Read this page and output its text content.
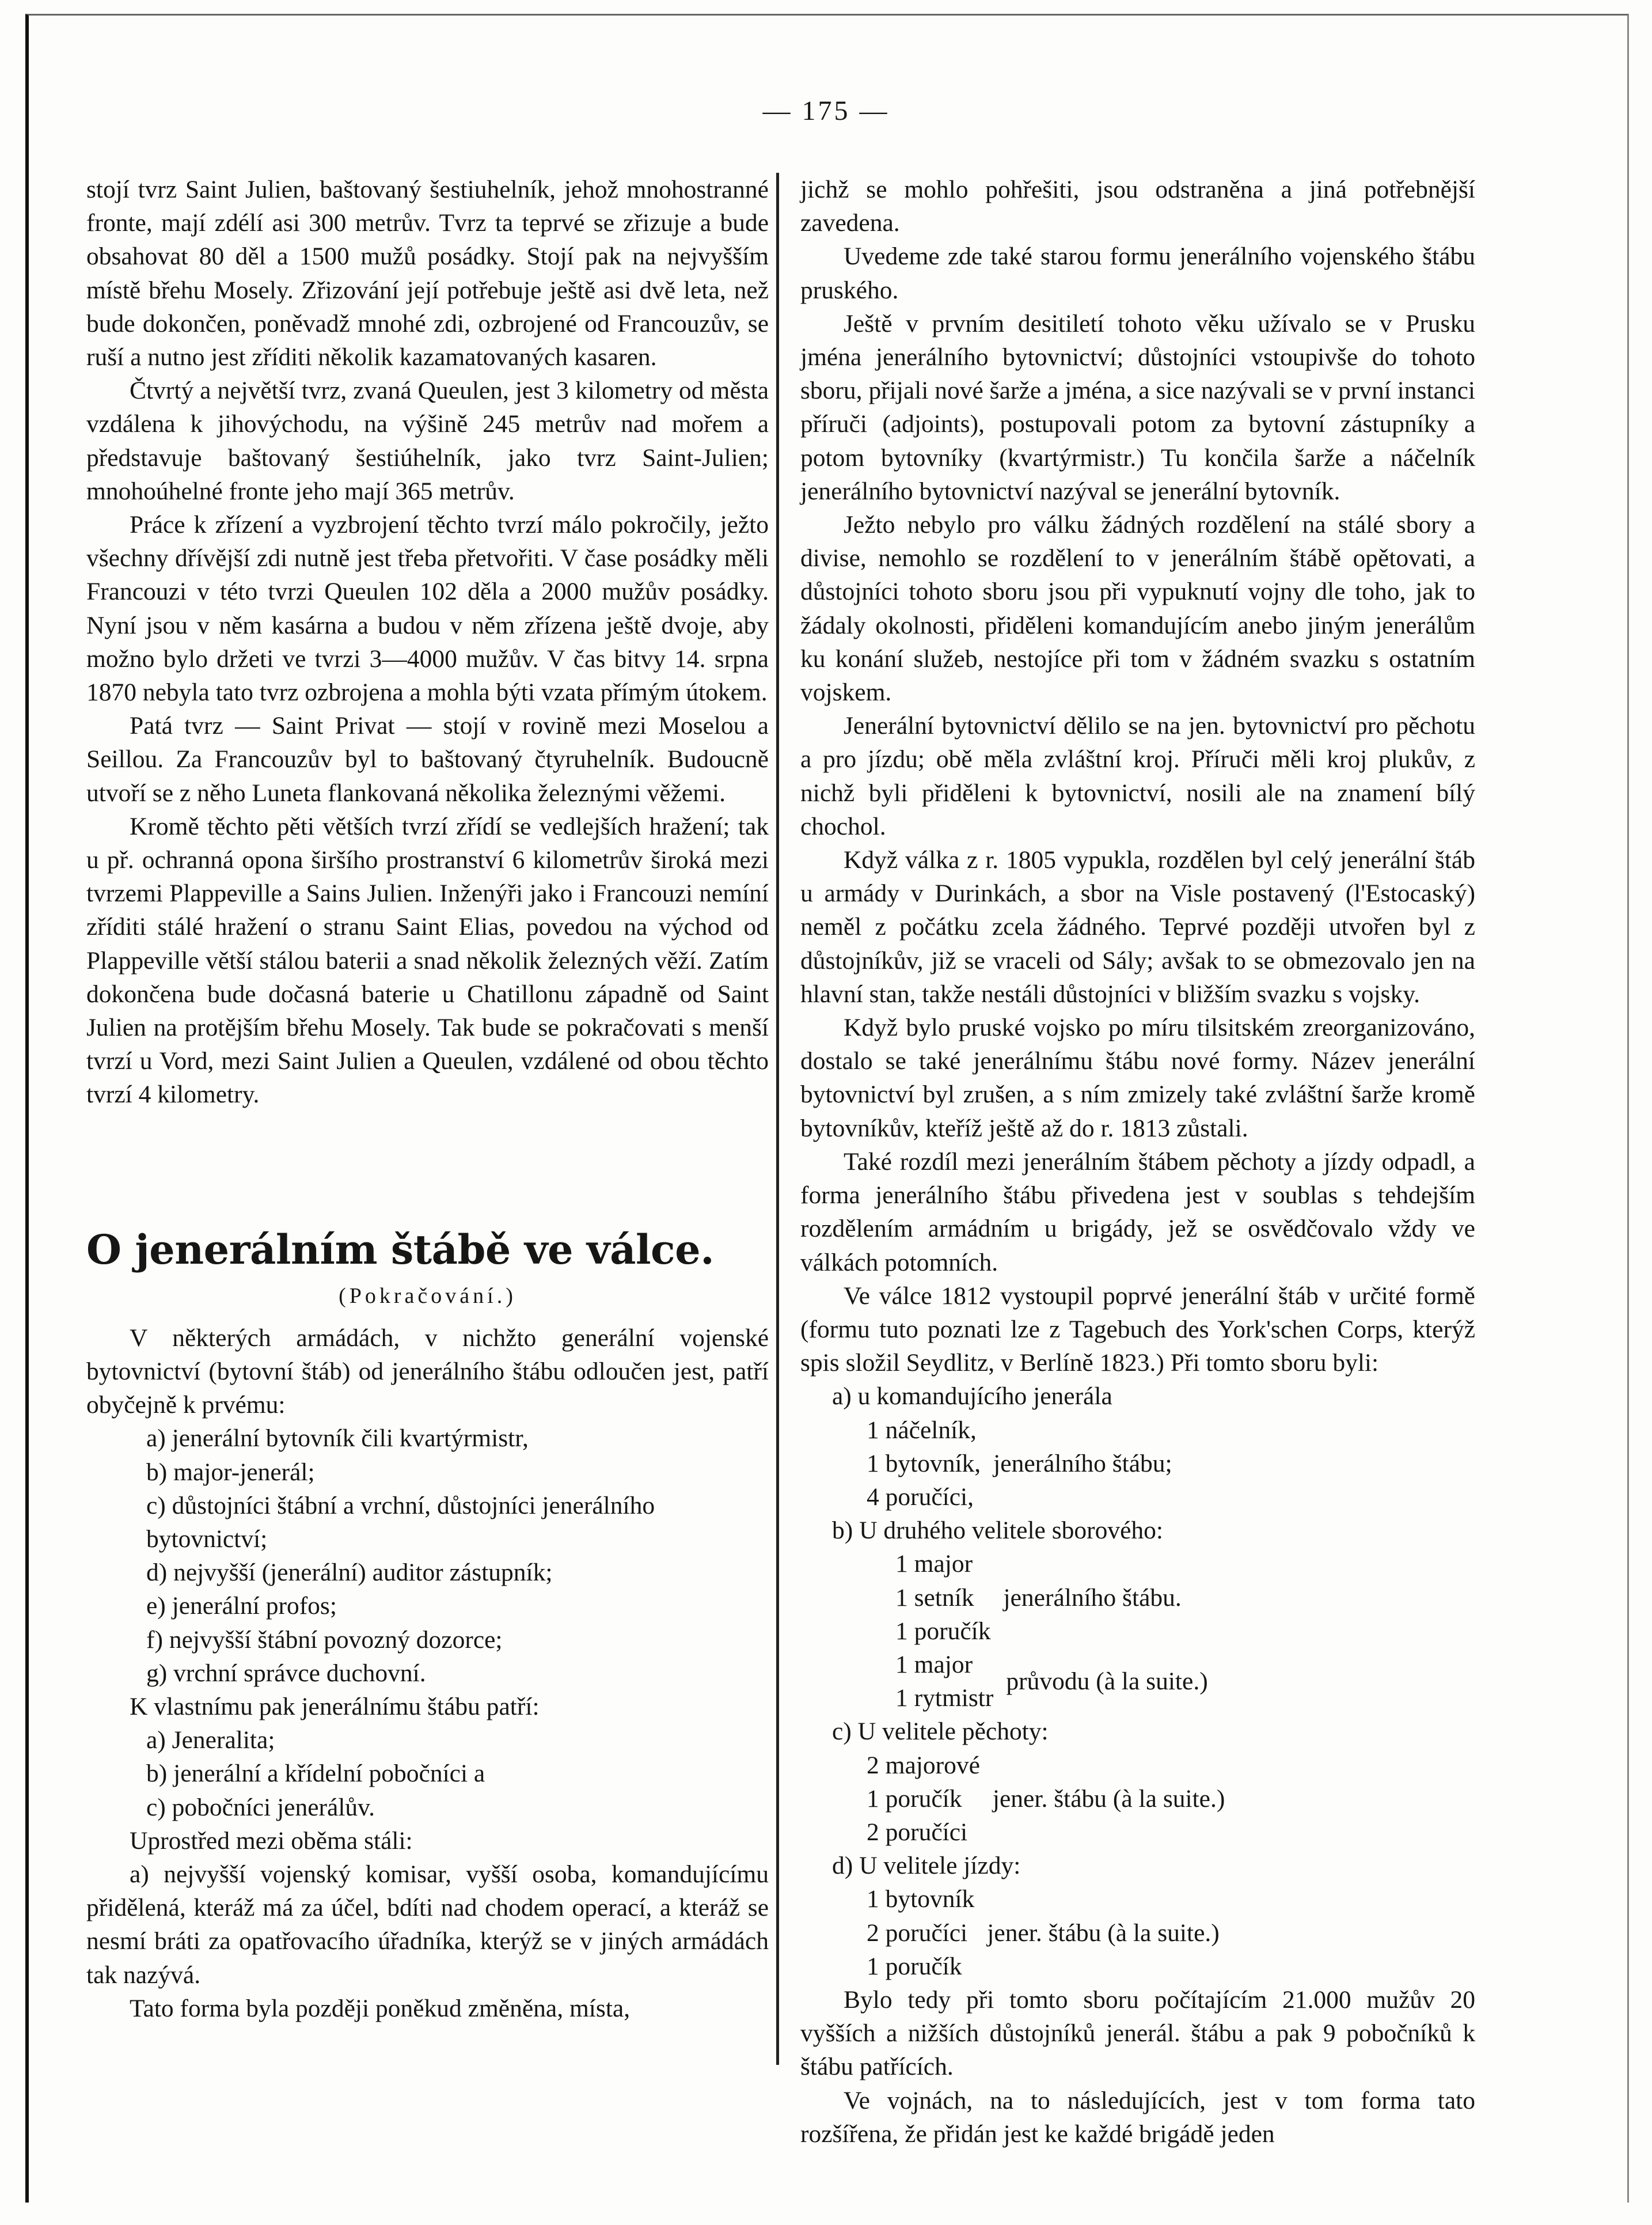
— 175 —

stojí tvrz Saint Julien, baštovaný šestiuhelník, jehož mnohostranné fronte, mají zdélí asi 300 metrův. Tvrz ta teprvé se zřizuje a bude obsahovat 80 děl a 1500 mužů posádky. Stojí pak na nejvyšším místě břehu Mosely. Zřizování její potřebuje ještě asi dvě leta, než bude dokončen, poněvadž mnohé zdi, ozbrojené od Francouzův, se ruší a nutno jest zříditi několik kazamatovaných kasaren.

Čtvrtý a největší tvrz, zvaná Queulen, jest 3 kilometry od města vzdálena k jihovýchodu, na výšině 245 metrův nad mořem a představuje baštovaný šestiúhelník, jako tvrz Saint-Julien; mnohoúhelné fronte jeho mají 365 metrův.

Práce k zřízení a vyzbrojení těchto tvrzí málo pokročily, ježto všechny dřívější zdi nutně jest třeba přetvořiti. V čase posádky měli Francouzi v této tvrzi Queulen 102 děla a 2000 mužův posádky. Nyní jsou v něm kasárna a budou v něm zřízena ještě dvoje, aby možno bylo držeti ve tvrzi 3—4000 mužův. V čas bitvy 14. srpna 1870 nebyla tato tvrz ozbrojena a mohla býti vzata přímým útokem.

Patá tvrz — Saint Privat — stojí v rovině mezi Moselou a Seillou. Za Francouzův byl to baštovaný čtyruhelník. Budoucně utvoří se z něho Luneta flankovaná několika železnými věžemi.

Kromě těchto pěti větších tvrzí zřídí se vedlejších hražení; tak u př. ochranná opona širšího prostranství 6 kilometrův široká mezi tvrzemi Plappeville a Sains Julien. Inženýři jako i Francouzi nemíní zříditi stálé hražení o stranu Saint Elias, povedou na východ od Plappeville větší stálou baterii a snad několik železných věží. Zatím dokončena bude dočasná baterie u Chatillonu západně od Saint Julien na protějším břehu Mosely. Tak bude se pokračovati s menší tvrzí u Vord, mezi Saint Julien a Queulen, vzdálené od obou těchto tvrzí 4 kilometry.

O jenerálním štábě ve válce.

(Pokračování.)

V některých armádách, v nichžto generální vojenské bytovnictví (bytovní štáb) od jenerálního štábu odloučen jest, patří obyčejně k prvému:

a) jenerální bytovník čili kvartýrmistr,

b) major-jenerál;

c) důstojníci štábní a vrchní, důstojníci jenerálního bytovnictví;

d) nejvyšší (jenerální) auditor zástupník;

e) jenerální profos;

f) nejvyšší štábní povozný dozorce;

g) vrchní správce duchovní.

K vlastnímu pak jenerálnímu štábu patří:

a) Jeneralita;

b) jenerální a křídelní pobočníci a

c) pobočníci jenerálův.

Uprostřed mezi oběma stáli:

a) nejvyšší vojenský komisar, vyšší osoba, komandujícímu přidělená, kteráž má za účel, bdíti nad chodem operací, a kteráž se nesmí bráti za opatřovacího úřadníka, kterýž se v jiných armádách tak nazývá.

Tato forma byla později poněkud změněna, místa,

jichž se mohlo pohřešiti, jsou odstraněna a jiná potřebnější zavedena.

Uvedeme zde také starou formu jenerálního vojenského štábu pruského.

Ještě v prvním desitiletí tohoto věku užívalo se v Prusku jména jenerálního bytovnictví; důstojníci vstoupivše do tohoto sboru, přijali nové šarže a jména, a sice nazývali se v první instanci příruči (adjoints), postupovali potom za bytovní zástupníky a potom bytovníky (kvartýrmistr.) Tu končila šarže a náčelník jenerálního bytovnictví nazýval se jenerální bytovník.

Ježto nebylo pro válku žádných rozdělení na stálé sbory a divise, nemohlo se rozdělení to v jenerálním štábě opětovati, a důstojníci tohoto sboru jsou při vypuknutí vojny dle toho, jak to žádaly okolnosti, přiděleni komandujícím anebo jiným jenerálům ku konání služeb, nestojíce při tom v žádném svazku s ostatním vojskem.

Jenerální bytovnictví dělilo se na jen. bytovnictví pro pěchotu a pro jízdu; obě měla zvláštní kroj. Příruči měli kroj plukův, z nichž byli přiděleni k bytovnictví, nosili ale na znamení bílý chochol.

Když válka z r. 1805 vypukla, rozdělen byl celý jenerální štáb u armády v Durinkách, a sbor na Visle postavený (l'Estocaský) neměl z počátku zcela žádného. Teprvé později utvořen byl z důstojníkův, již se vraceli od Sály; avšak to se obmezovalo jen na hlavní stan, takže nestáli důstojníci v bližším svazku s vojsky.

Když bylo pruské vojsko po míru tilsitském zreorganizováno, dostalo se také jenerálnímu štábu nové formy. Název jenerální bytovnictví byl zrušen, a s ním zmizely také zvláštní šarže kromě bytovníkův, kteříž ještě až do r. 1813 zůstali.

Také rozdíl mezi jenerálním štábem pěchoty a jízdy odpadl, a forma jenerálního štábu přivedena jest v soublas s tehdejším rozdělením armádním u brigády, jež se osvědčovalo vždy ve válkách potomních.

Ve válce 1812 vystoupil poprvé jenerální štáb v určité formě (formu tuto poznati lze z Tagebuch des York'schen Corps, kterýž spis složil Seydlitz, v Berlíně 1823.) Při tomto sboru byli:

a) u komandujícího jenerála

1 náčelník,
1 bytovník,
4 poručíci,
jenerálního štábu;

b) U druhého velitele sborového:

1 major
1 setník
1 poručík
jenerálního štábu.
1 major
1 rytmistr
průvodu (à la suite.)

c) U velitele pěchoty:

2 majorové
1 poručík
2 poručíci
jener. štábu (à la suite.)

d) U velitele jízdy:

1 bytovník
2 poručíci
1 poručík
jener. štábu (à la suite.)

Bylo tedy při tomto sboru počítajícím 21.000 mužův 20 vyšších a nižších důstojníků jenerál. štábu a pak 9 pobočníků k štábu patřících.

Ve vojnách, na to následujících, jest v tom forma tato rozšířena, že přidán jest ke každé brigádě jeden
